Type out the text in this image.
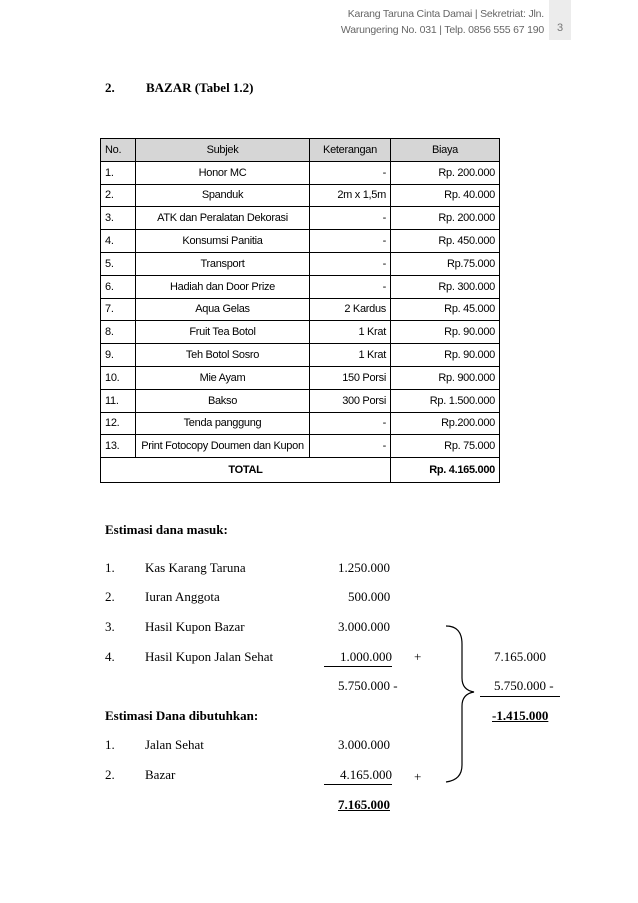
Karang Taruna Cinta Damai | Sekretriat: Jln.
Warungering No. 031 | Telp. 0856 555 67 190	3
2. BAZAR (Tabel 1.2)
No.	Subjek	Keterangan	Biaya
1.	Honor MC	-	Rp. 200.000
2.	Spanduk	2m x 1,5m	Rp. 40.000
3.	ATK dan Peralatan Dekorasi	-	Rp. 200.000
4.	Konsumsi Panitia	-	Rp. 450.000
5.	Transport	-	Rp.75.000
6.	Hadiah dan Door Prize	-	Rp. 300.000
7.	Aqua Gelas	2 Kardus	Rp. 45.000
8.	Fruit Tea Botol	1 Krat	Rp. 90.000
9.	Teh Botol Sosro	1 Krat	Rp. 90.000
10.	Mie Ayam	150 Porsi	Rp. 900.000
11.	Bakso	300 Porsi	Rp. 1.500.000
12.	Tenda panggung	-	Rp.200.000
13.	Print Fotocopy Doumen dan Kupon	-	Rp. 75.000
TOTAL			Rp. 4.165.000
Estimasi dana masuk:
1. Kas Karang Taruna	1.250.000
2. Iuran Anggota	500.000
3. Hasil Kupon Bazar	3.000.000
4. Hasil Kupon Jalan Sehat	1.000.000 +
5.750.000 -
Estimasi Dana dibutuhkan:
1. Jalan Sehat	3.000.000
2. Bazar	4.165.000 +
7.165.000
7.165.000
5.750.000 -
-1.415.000
